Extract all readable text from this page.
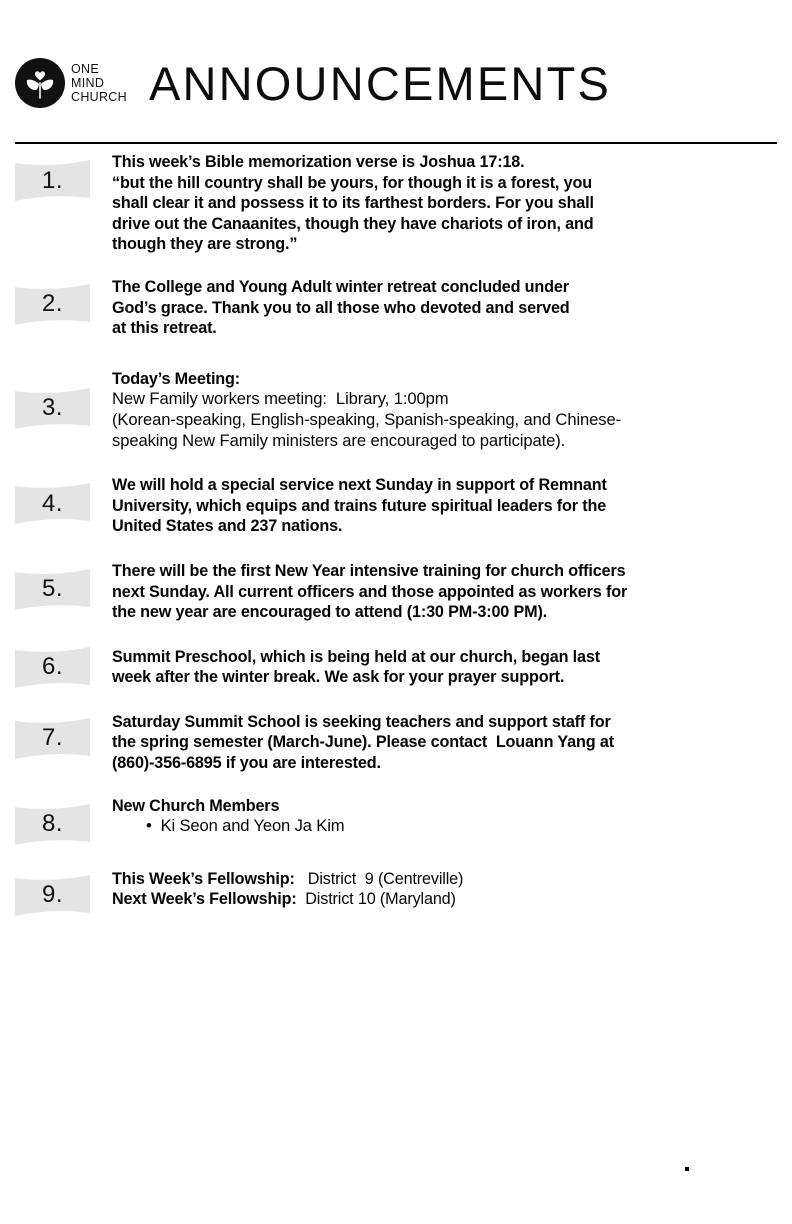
ONE
MIND
CHURCH ANNOUNCEMENTS
1.
This week’s Bible memorization verse is Joshua 17:18.
“but the hill country shall be yours, for though it is a forest, you
shall clear it and possess it to its farthest borders. For you shall
drive out the Canaanites, though they have chariots of iron, and
though they are strong.”
2.
The College and Young Adult winter retreat concluded under
God’s grace. Thank you to all those who devoted and served
at this retreat.
3.
Today’s Meeting:
New Family workers meeting:  Library, 1:00pm
(Korean-speaking, English-speaking, Spanish-speaking, and Chinese-
speaking New Family ministers are encouraged to participate).
4.
We will hold a special service next Sunday in support of Remnant
University, which equips and trains future spiritual leaders for the
United States and 237 nations.
5.
There will be the first New Year intensive training for church officers
next Sunday. All current officers and those appointed as workers for
the new year are encouraged to attend (1:30 PM-3:00 PM).
6.	Summit Preschool, which is being held at our church, began last
week after the winter break. We ask for your prayer support.
7.
Saturday Summit School is seeking teachers and support staff for
the spring semester (March-June). Please contact  Louann Yang at
(860)-356-6895 if you are interested.
8.
New Church Members
•  Ki Seon and Yeon Ja Kim
9.
This Week’s Fellowship:   District  9 (Centreville)
Next Week’s Fellowship:  District 10 (Maryland)
